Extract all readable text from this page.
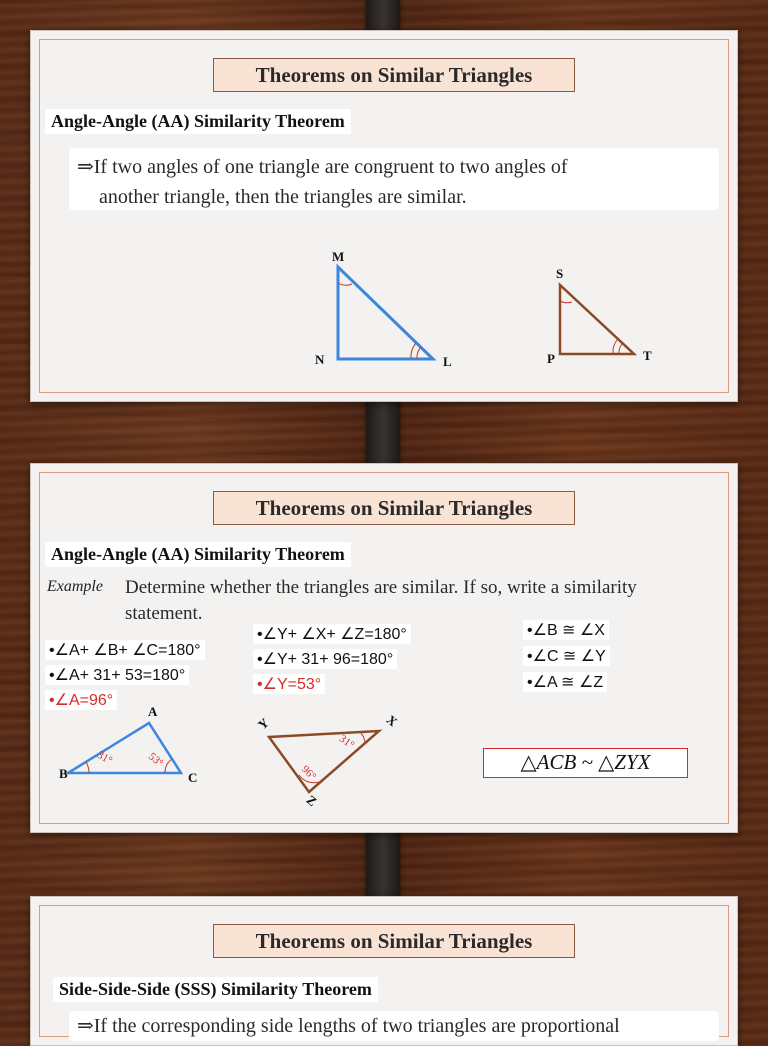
Theorems on Similar Triangles
Angle-Angle (AA) Similarity Theorem
⇒If two angles of one triangle are congruent to two angles of
another triangle, then the triangles are similar.
M
N	L
S
P	T
Theorems on Similar Triangles
Angle-Angle (AA) Similarity Theorem
Example Determine whether the triangles are similar. If so, write a similarity
statement.
•∠A+ ∠B+ ∠C=180°
•∠A+ 31+ 53=180°
•∠A=96°
•∠Y+ ∠X+ ∠Z=180°
•∠Y+ 31+ 96=180°
•∠Y=53°
•∠B ≅ ∠X
•∠C ≅ ∠Y
•∠A ≅ ∠Z
A
B	C
31°	53°
Y	X
Z
31°
96°	△ACB ~ △ZYX
Theorems on Similar Triangles
Side-Side-Side (SSS) Similarity Theorem
⇒If the corresponding side lengths of two triangles are proportional
